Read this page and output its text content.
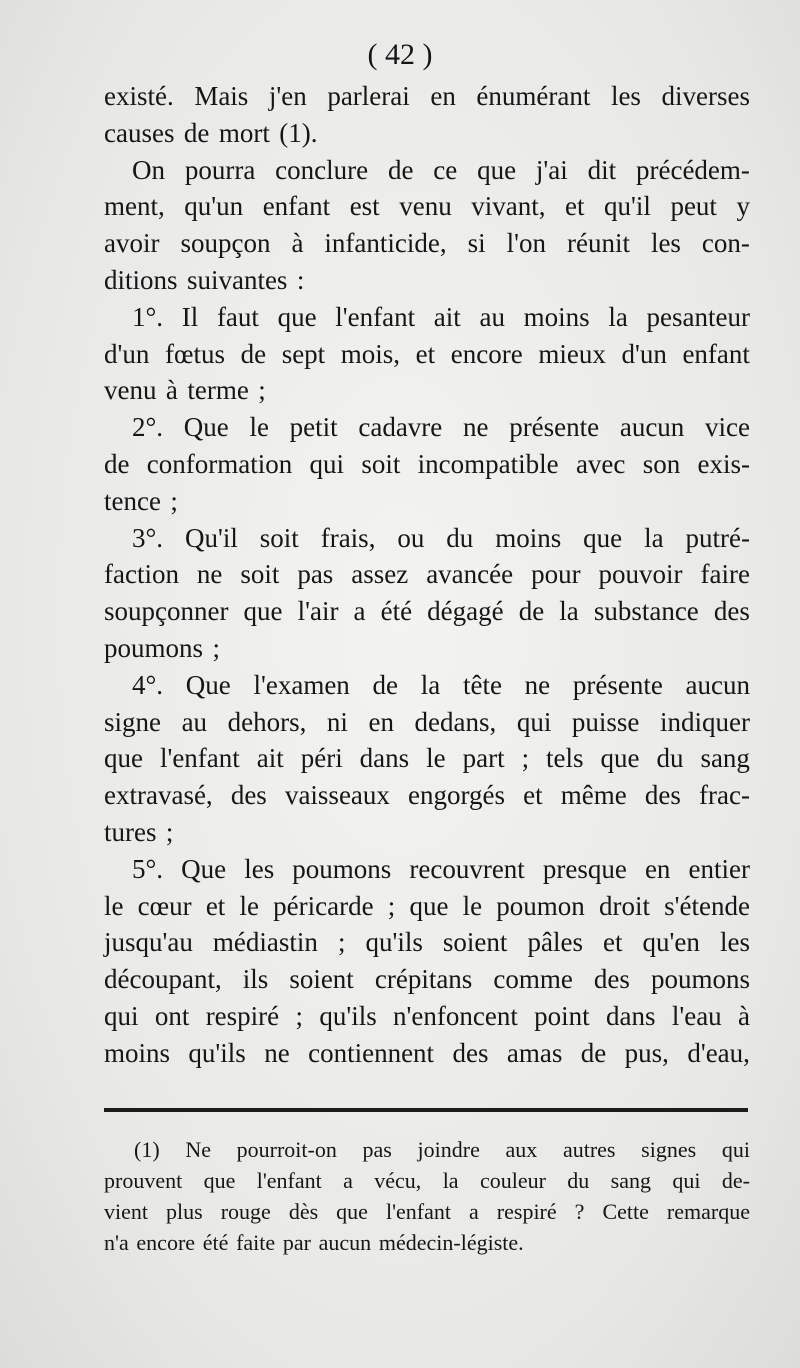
( 42 )
existé. Mais j'en parlerai en énumérant les diverses
causes de mort (1).
On pourra conclure de ce que j'ai dit précédem-
ment, qu'un enfant est venu vivant, et qu'il peut y
avoir soupçon à infanticide, si l'on réunit les con-
ditions suivantes :
1°. Il faut que l'enfant ait au moins la pesanteur
d'un fœtus de sept mois, et encore mieux d'un enfant
venu à terme ;
2°. Que le petit cadavre ne présente aucun vice
de conformation qui soit incompatible avec son exis-
tence ;
3°. Qu'il soit frais, ou du moins que la putré-
faction ne soit pas assez avancée pour pouvoir faire
soupçonner que l'air a été dégagé de la substance des
poumons ;
4°. Que l'examen de la tête ne présente aucun
signe au dehors, ni en dedans, qui puisse indiquer
que l'enfant ait péri dans le part ; tels que du sang
extravasé, des vaisseaux engorgés et même des frac-
tures ;
5°. Que les poumons recouvrent presque en entier
le cœur et le péricarde ; que le poumon droit s'étende
jusqu'au médiastin ; qu'ils soient pâles et qu'en les
découpant, ils soient crépitans comme des poumons
qui ont respiré ; qu'ils n'enfoncent point dans l'eau à
moins qu'ils ne contiennent des amas de pus, d'eau,
(1) Ne pourroit-on pas joindre aux autres signes qui
prouvent que l'enfant a vécu, la couleur du sang qui de-
vient plus rouge dès que l'enfant a respiré ? Cette remarque
n'a encore été faite par aucun médecin-légiste.
